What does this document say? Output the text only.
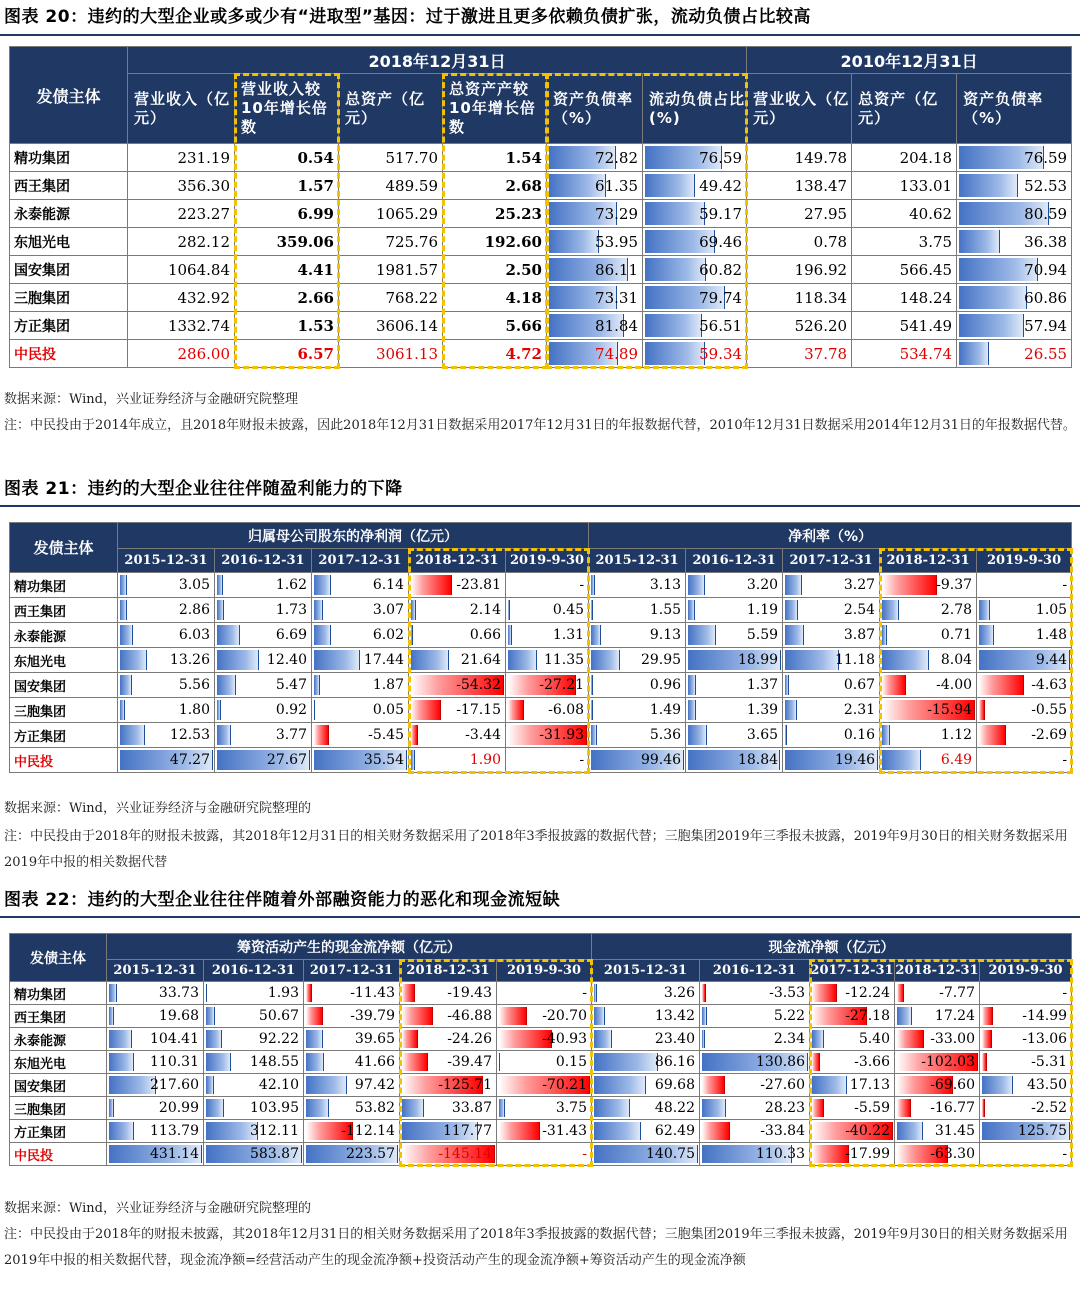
图表 20：违约的大型企业或多或少有“进取型”基因：过于激进且更多依赖负债扩张，流动负债占比较高
发债主体	2018年12月31日						2010年12月31日		
	营业收入（亿元）	营业收入较10年增长倍数	总资产（亿元）	总资产产较10年增长倍数	资产负债率（%）	流动负债占比(%)	营业收入（亿元）	总资产（亿元）	资产负债率（%）
精功集团	231.19	0.54	517.70	1.54	72.82	76.59	149.78	204.18	76.59
西王集团	356.30	1.57	489.59	2.68	61.35	49.42	138.47	133.01	52.53
永泰能源	223.27	6.99	1065.29	25.23	73.29	59.17	27.95	40.62	80.59
东旭光电	282.12	359.06	725.76	192.60	53.95	69.46	0.78	3.75	36.38
国安集团	1064.84	4.41	1981.57	2.50	86.11	60.82	196.92	566.45	70.94
三胞集团	432.92	2.66	768.22	4.18	73.31	79.74	118.34	148.24	60.86
方正集团	1332.74	1.53	3606.14	5.66	81.84	56.51	526.20	541.49	57.94
中民投	286.00	6.57	3061.13	4.72	74.89	59.34	37.78	534.74	26.55
数据来源：Wind，兴业证券经济与金融研究院整理
注：中民投由于2014年成立，且2018年财报未披露，因此2018年12月31日数据采用2017年12月31日的年报数据代替，2010年12月31日数据采用2014年12月31日的年报数据代替。
图表 21：违约的大型企业往往伴随盈利能力的下降
发债主体	归属母公司股东的净利润（亿元）					净利率（%）				
	2015-12-31	2016-12-31	2017-12-31	2018-12-31	2019-9-30	2015-12-31	2016-12-31	2017-12-31	2018-12-31	2019-9-30
精功集团	3.05	1.62	6.14	-23.81	-	3.13	3.20	3.27	-9.37	-
西王集团	2.86	1.73	3.07	2.14	0.45	1.55	1.19	2.54	2.78	1.05
永泰能源	6.03	6.69	6.02	0.66	1.31	9.13	5.59	3.87	0.71	1.48
东旭光电	13.26	12.40	17.44	21.64	11.35	29.95	18.99	11.18	8.04	9.44
国安集团	5.56	5.47	1.87	-54.32	-27.21	0.96	1.37	0.67	-4.00	-4.63
三胞集团	1.80	0.92	0.05	-17.15	-6.08	1.49	1.39	2.31	-15.94	-0.55
方正集团	12.53	3.77	-5.45	-3.44	-31.93	5.36	3.65	0.16	1.12	-2.69
中民投	47.27	27.67	35.54	1.90	-	99.46	18.84	19.46	6.49	-
数据来源：Wind，兴业证券经济与金融研究院整理的
注：中民投由于2018年的财报未披露，其2018年12月31日的相关财务数据采用了2018年3季报披露的数据代替；三胞集团2019年三季报未披露，2019年9月30日的相关财务数据采用2019年中报的相关数据代替
图表 22：违约的大型企业往往伴随着外部融资能力的恶化和现金流短缺
发债主体	筹资活动产生的现金流净额（亿元）					现金流净额（亿元）				
	2015-12-31	2016-12-31	2017-12-31	2018-12-31	2019-9-30	2015-12-31	2016-12-31	2017-12-31	2018-12-31	2019-9-30
精功集团	33.73	1.93	-11.43	-19.43	-	3.26	-3.53	-12.24	-7.77	-
西王集团	19.68	50.67	-39.79	-46.88	-20.70	13.42	5.22	-27.18	17.24	-14.99
永泰能源	104.41	92.22	39.65	-24.26	-40.93	23.40	2.34	5.40	-33.00	-13.06
东旭光电	110.31	148.55	41.66	-39.47	0.15	86.16	130.86	-3.66	-102.03	-5.31
国安集团	217.60	42.10	97.42	-125.71	-70.21	69.68	-27.60	17.13	-69.60	43.50
三胞集团	20.99	103.95	53.82	33.87	3.75	48.22	28.23	-5.59	-16.77	-2.52
方正集团	113.79	312.11	-112.14	117.77	-31.43	62.49	-33.84	-40.22	31.45	125.75
中民投	431.14	583.87	223.57	-145.14	-	140.75	110.33	-17.99	-63.30	-
数据来源：Wind，兴业证券经济与金融研究院整理的
注：中民投由于2018年的财报未披露，其2018年12月31日的相关财务数据采用了2018年3季报披露的数据代替；三胞集团2019年三季报未披露，2019年9月30日的相关财务数据采用2019年中报的相关数据代替，现金流净额=经营活动产生的现金流净额+投资活动产生的现金流净额+筹资活动产生的现金流净额
